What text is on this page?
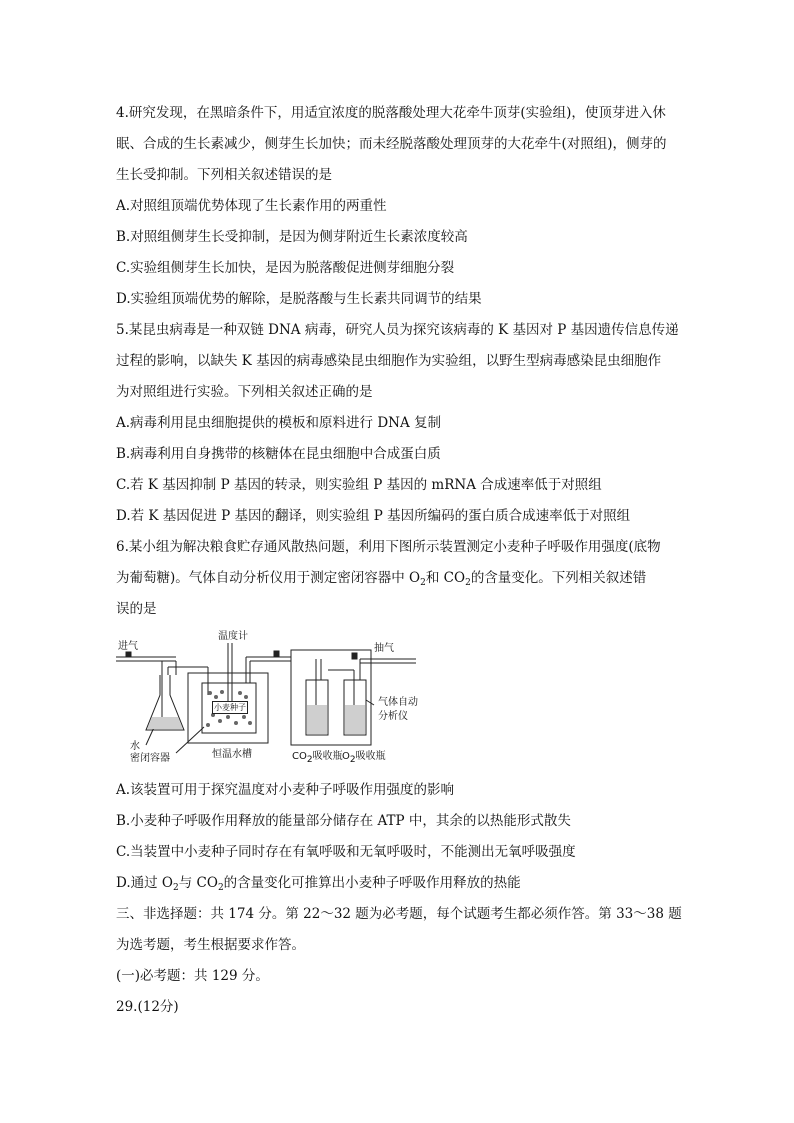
4.研究发现，在黑暗条件下，用适宜浓度的脱落酸处理大花牵牛顶芽(实验组)，使顶芽进入休

眠、合成的生长素减少，侧芽生长加快；而未经脱落酸处理顶芽的大花牵牛(对照组)，侧芽的

生长受抑制。下列相关叙述错误的是

A.对照组顶端优势体现了生长素作用的两重性

B.对照组侧芽生长受抑制，是因为侧芽附近生长素浓度较高

C.实验组侧芽生长加快，是因为脱落酸促进侧芽细胞分裂

D.实验组顶端优势的解除，是脱落酸与生长素共同调节的结果

5.某昆虫病毒是一种双链 DNA 病毒，研究人员为探究该病毒的 K 基因对 P 基因遗传信息传递

过程的影响，以缺失 K 基因的病毒感染昆虫细胞作为实验组，以野生型病毒感染昆虫细胞作

为对照组进行实验。下列相关叙述正确的是

A.病毒利用昆虫细胞提供的模板和原料进行 DNA 复制

B.病毒利用自身携带的核糖体在昆虫细胞中合成蛋白质

C.若 K 基因抑制 P 基因的转录，则实验组 P 基因的 mRNA 合成速率低于对照组

D.若 K 基因促进 P 基因的翻译，则实验组 P 基因所编码的蛋白质合成速率低于对照组

6.某小组为解决粮食贮存通风散热问题，利用下图所示装置测定小麦种子呼吸作用强度(底物

为葡萄糖)。气体自动分析仪用于测定密闭容器中 $O_2$和 $CO_2$的含量变化。下列相关叙述错

误的是

进气	抽气
温度计
小麦种子
水
密闭容器	恒温水槽	$CO_2$吸收瓶 $O_2$吸收瓶
气体自动
分析仪

A.该装置可用于探究温度对小麦种子呼吸作用强度的影响

B.小麦种子呼吸作用释放的能量部分储存在 ATP 中，其余的以热能形式散失

C.当装置中小麦种子同时存在有氧呼吸和无氧呼吸时，不能测出无氧呼吸强度

D.通过 $O_2$与 $CO_2$的含量变化可推算出小麦种子呼吸作用释放的热能

三、非选择题：共 174 分。第 22～32 题为必考题，每个试题考生都必须作答。第 33～38 题

为选考题，考生根据要求作答。

(一)必考题：共 129 分。

29.(12分)
